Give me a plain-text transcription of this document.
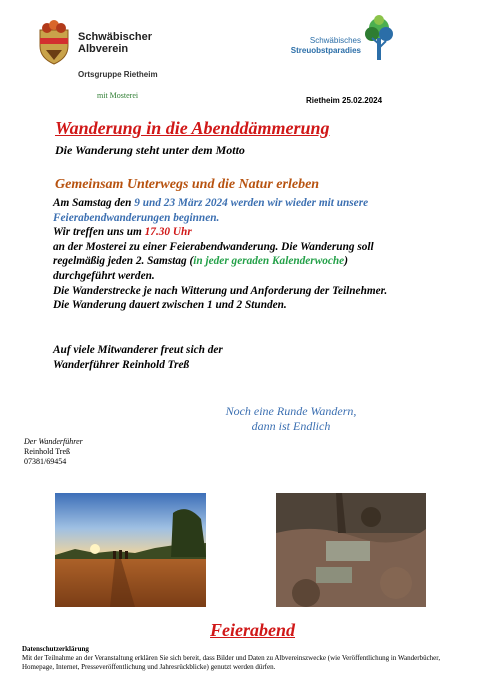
Schwäbischer
Albverein
Ortsgruppe Rietheim
mit Mosterei
Schwäbisches
Streuobstparadies
Rietheim 25.02.2024
Wanderung in die Abenddämmerung
Die Wanderung steht unter dem Motto
Gemeinsam Unterwegs und die Natur erleben
Am Samstag den 9 und 23 März 2024 werden wir wieder mit unsere
Feierabendwanderungen beginnen.
Wir treffen uns um 17.30 Uhr
an der Mosterei zu einer Feierabendwanderung. Die Wanderung soll
regelmäßig jeden 2. Samstag (in jeder geraden Kalenderwoche)
durchgeführt werden.
Die Wanderstrecke je nach Witterung und Anforderung der Teilnehmer.
Die Wanderung dauert zwischen 1 und 2 Stunden.
Auf viele Mitwanderer freut sich der
Wanderführer Reinhold Treß
Noch eine Runde Wandern,
dann ist Endlich
Der Wanderführer
Reinhold Treß
07381/69454
Feierabend
Datenschutzerklärung
Mit der Teilnahme an der Veranstaltung erklären Sie sich bereit, dass Bilder und Daten zu Albvereinszwecke (wie Veröffentlichung in Wanderbücher, Homepage, Internet, Presseveröffentlichung und Jahresrückblicke) genutzt werden dürfen.
